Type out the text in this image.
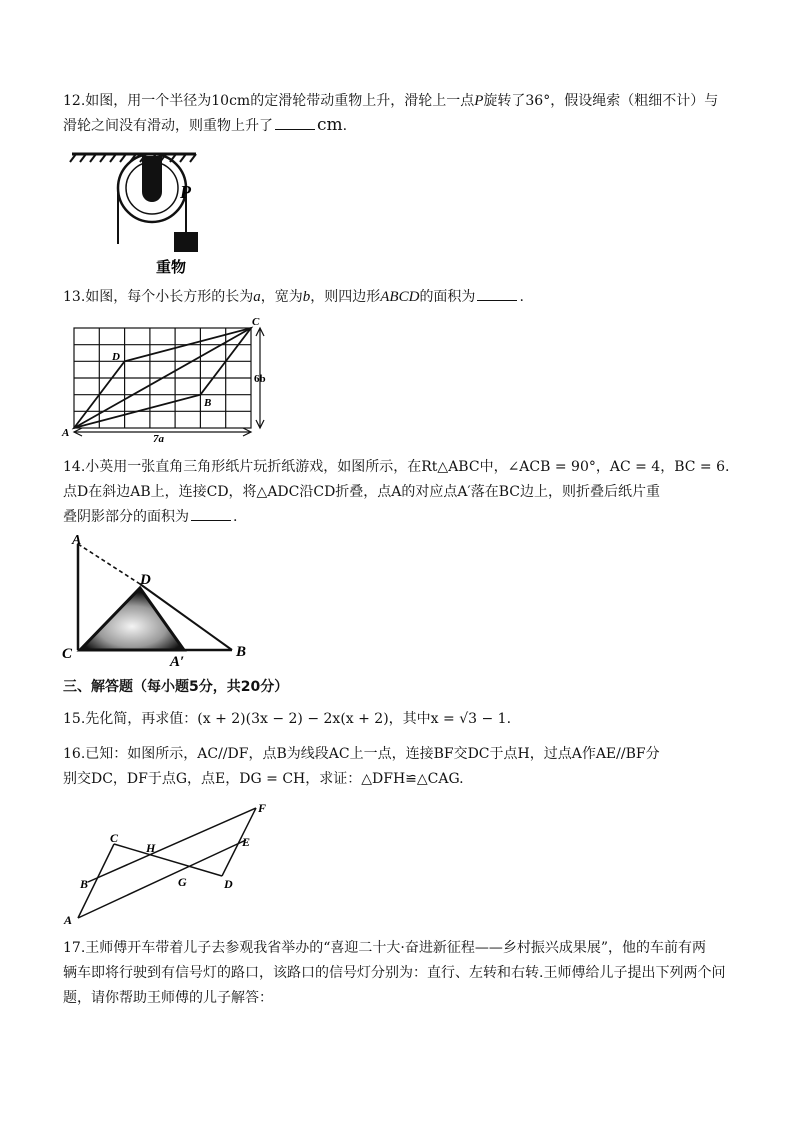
12.如图，用一个半径为10cm的定滑轮带动重物上升，滑轮上一点P旋转了36°，假设绳索（粗细不计）与
滑轮之间没有滑动，则重物上升了	cm.
P
重物
13.如图，每个小长方形的长为a，宽为b，则四边形ABCD的面积为	.
A
B
C
D
6b
7a
14.小英用一张直角三角形纸片玩折纸游戏，如图所示，在Rt△ABC中，∠ACB = 90°，AC = 4，BC = 6.
点D在斜边AB上，连接CD，将△ADC沿CD折叠，点A的对应点A′落在BC边上，则折叠后纸片重
叠阴影部分的面积为	.
A
D
C	A′
B
三、解答题（每小题5分，共20分）
15.先化简，再求值：(x + 2)(3x − 2) − 2x(x + 2)，其中x = √3 − 1.
16.已知：如图所示，AC//DF，点B为线段AC上一点，连接BF交DC于点H，过点A作AE//BF分
别交DC，DF于点G，点E，DG = CH，求证：△DFH≌△CAG.
C
H
F
E
B	G	D
A
17.王师傅开车带着儿子去参观我省举办的“喜迎二十大·奋进新征程——乡村振兴成果展”，他的车前有两
辆车即将行驶到有信号灯的路口，该路口的信号灯分别为：直行、左转和右转.王师傅给儿子提出下列两个问
题，请你帮助王师傅的儿子解答：
